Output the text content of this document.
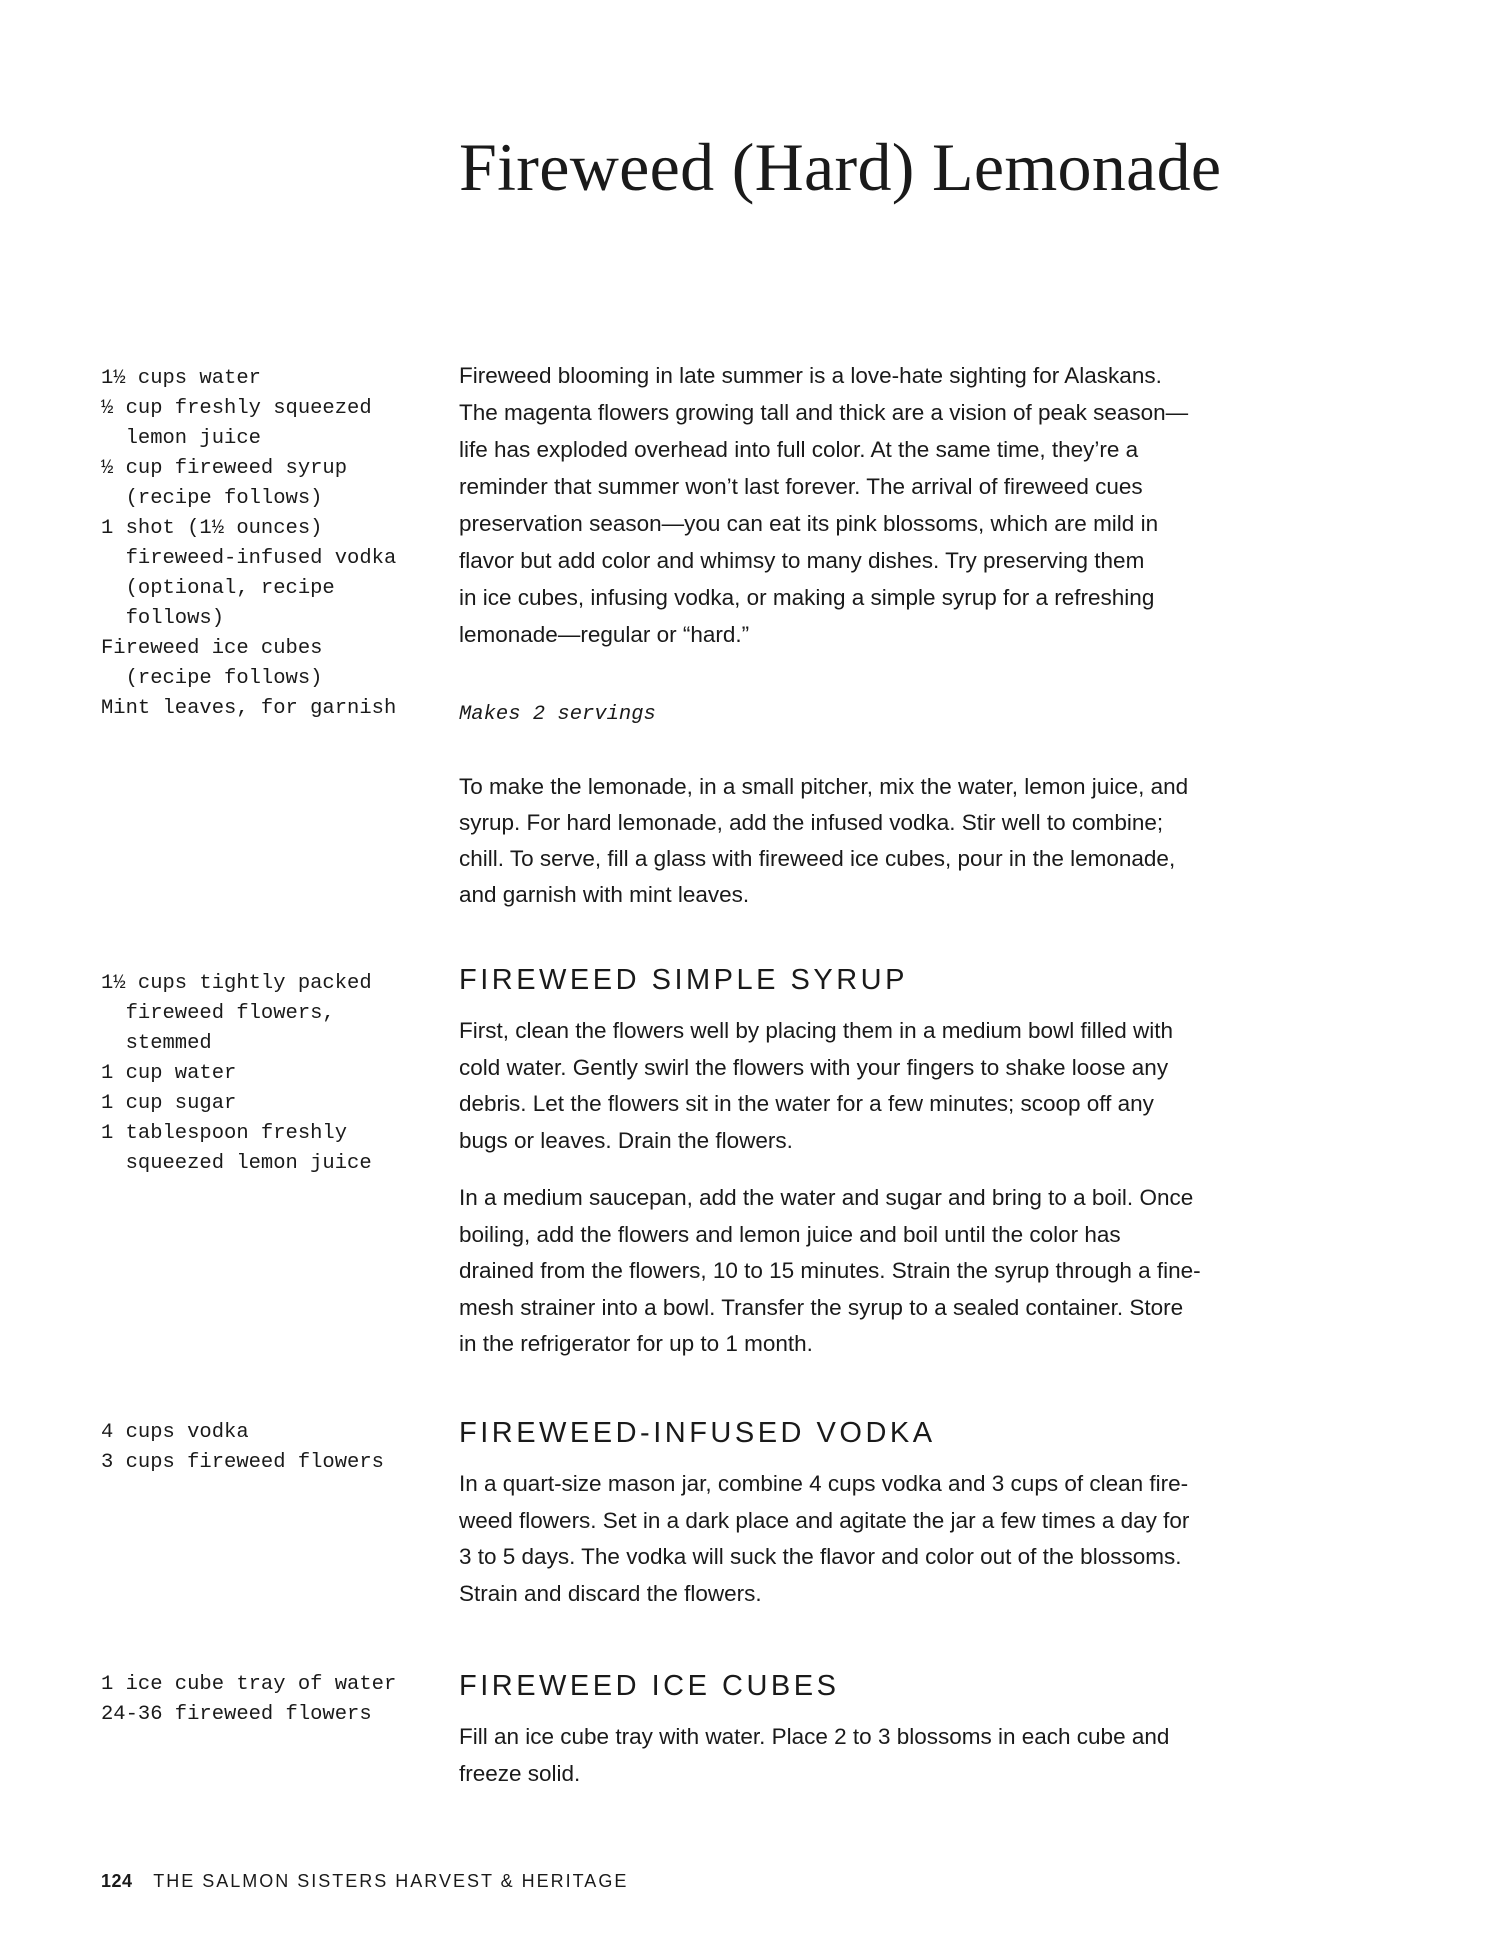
Fireweed (Hard) Lemonade
1½ cups water
½ cup freshly squeezed
lemon juice
½ cup fireweed syrup
(recipe follows)
1 shot (1½ ounces)
fireweed-infused vodka
(optional, recipe
follows)
Fireweed ice cubes
(recipe follows)
Mint leaves, for garnish

Fireweed blooming in late summer is a love-hate sighting for Alaskans.

The magenta flowers growing tall and thick are a vision of peak season—

life has exploded overhead into full color. At the same time, they’re a

reminder that summer won’t last forever. The arrival of fireweed cues

preservation season—you can eat its pink blossoms, which are mild in

flavor but add color and whimsy to many dishes. Try preserving them

in ice cubes, infusing vodka, or making a simple syrup for a refreshing

lemonade—regular or “hard.”

Makes 2 servings

To make the lemonade, in a small pitcher, mix the water, lemon juice, and

syrup. For hard lemonade, add the infused vodka. Stir well to combine;

chill. To serve, fill a glass with fireweed ice cubes, pour in the lemonade,

and garnish with mint leaves.

1½ cups tightly packed
fireweed flowers,
stemmed
1 cup water
1 cup sugar
1 tablespoon freshly
squeezed lemon juice
FIREWEED SIMPLE SYRUP

First, clean the flowers well by placing them in a medium bowl filled with

cold water. Gently swirl the flowers with your fingers to shake loose any

debris. Let the flowers sit in the water for a few minutes; scoop off any

bugs or leaves. Drain the flowers.

In a medium saucepan, add the water and sugar and bring to a boil. Once

boiling, add the flowers and lemon juice and boil until the color has

drained from the flowers, 10 to 15 minutes. Strain the syrup through a fine-

mesh strainer into a bowl. Transfer the syrup to a sealed container. Store

in the refrigerator for up to 1 month.

4 cups vodka
3 cups fireweed flowers
FIREWEED-INFUSED VODKA

In a quart-size mason jar, combine 4 cups vodka and 3 cups of clean fire-

weed flowers. Set in a dark place and agitate the jar a few times a day for

3 to 5 days. The vodka will suck the flavor and color out of the blossoms.

Strain and discard the flowers.

1 ice cube tray of water
24-36 fireweed flowers
FIREWEED ICE CUBES

Fill an ice cube tray with water. Place 2 to 3 blossoms in each cube and

freeze solid.

124 THE SALMON SISTERS HARVEST & HERITAGE
